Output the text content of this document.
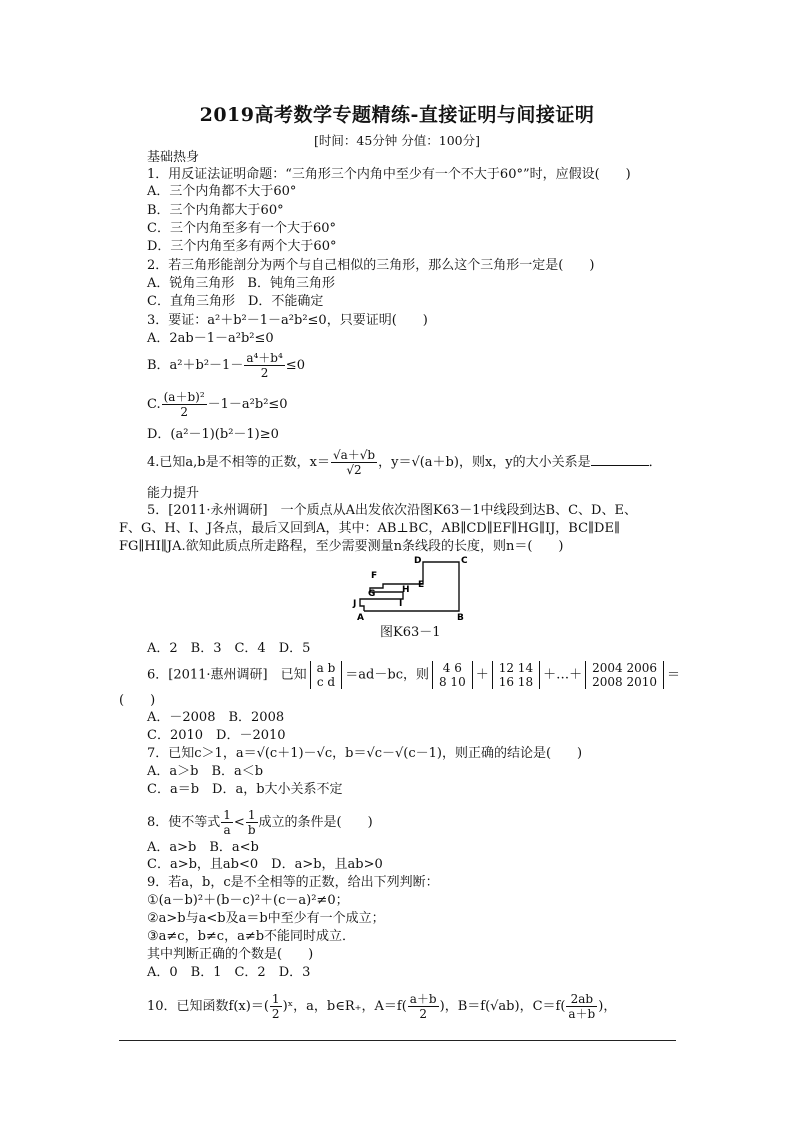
2019高考数学专题精练-直接证明与间接证明
[时间：45分钟 分值：100分]
基础热身
1．用反证法证明命题：“三角形三个内角中至少有一个不大于60°”时，应假设(　　)
A．三个内角都不大于60°
B．三个内角都大于60°
C．三个内角至多有一个大于60°
D．三个内角至多有两个大于60°
2．若三角形能剖分为两个与自己相似的三角形，那么这个三角形一定是(　　)
A．锐角三角形　B．钝角三角形
C．直角三角形　D．不能确定
3．要证：a²＋b²－1－a²b²≤0，只要证明(　　)
A．2ab－1－a²b²≤0
B．$a^2+b^2-1- \frac{\text{a⁴＋b⁴}}{2} \le 0$
C. $\frac{\text{(a＋b)²}}{2} -1-a^2b^2\le 0$
D．(a²－1)(b²－1)≥0
4.已知a,b是不相等的正数，$x= \frac{√a+√b}{√2}$ ，y＝√(a＋b)，则x，y的大小关系是	．
能力提升
5．[2011·永州调研]　一个质点从A出发依次沿图K63－1中线段到达B、C、D、E、
F、G、H、I、J各点，最后又回到A，其中：AB⊥BC，AB∥CD∥EF∥HG∥IJ，BC∥DE∥
FG∥HI∥JA.欲知此质点所走路程，至少需要测量n条线段的长度，则n＝(　　)
A	B
C
D
E
F
G	H
I
J
图K63－1
A．2　B．3　C．4　D．5
6．[2011·惠州调研]　已知 a b
c d ＝ad－bc，则	4 6
8 10 ＋ 12 14
16 18 ＋…＋ 2004 2006
2008 2010 ＝
(　　)
A．－2008　B．2008
C．2010　D．－2010
7．已知c＞1，a＝√(c＋1)－√c，b＝√c－√(c－1)，则正确的结论是(　　)
A．a＞b　B．a＜b
C．a＝b　D．a，b大小关系不定
8．使不等式 $\frac{1}{a} < \frac{1}{b}$ 成立的条件是(　　)
A．a>b　B．a<b
C．a>b，且ab<0　D．a>b，且ab>0
9．若a，b，c是不全相等的正数，给出下列判断：
①(a－b)²＋(b－c)²＋(c－a)²≠0；
②a>b与a<b及a＝b中至少有一个成立；
③a≠c，b≠c，a≠b不能同时成立．
其中判断正确的个数是(　　)
A．0　B．1　C．2　D．3
10．已知函数$f(x)=( \frac{1}{2}$ )ˣ，a，b∈R₊，$A=f( \frac{a+b}{2}$ )，B＝f(√ab)，$C=f( \frac{2ab}{a+b}$ )，
